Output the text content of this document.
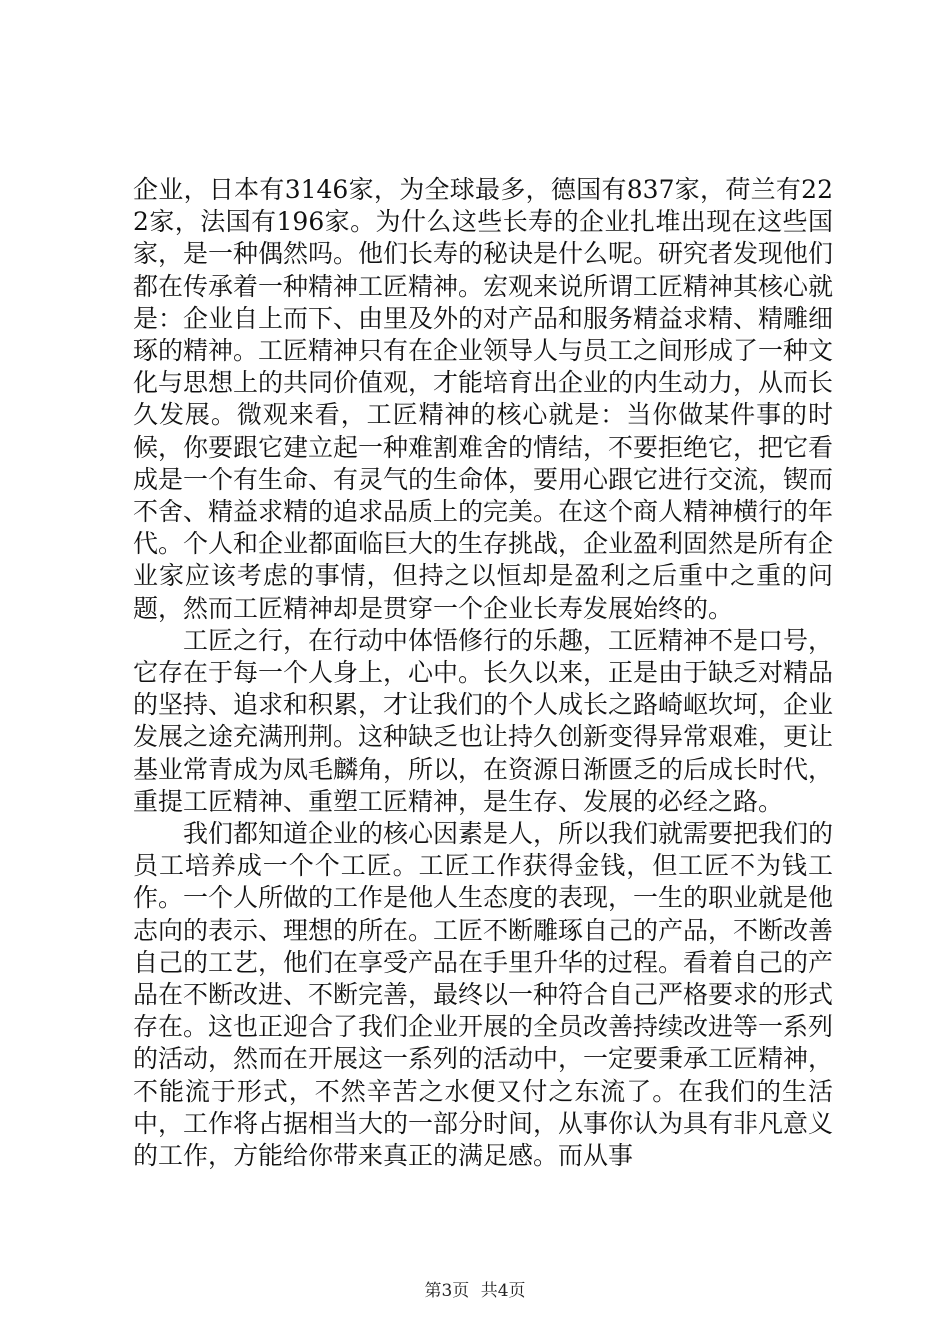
企业，日本有3146家，为全球最多，德国有837家，荷兰有222家，法国有196家。为什么这些长寿的企业扎堆出现在这些国家，是一种偶然吗。他们长寿的秘诀是什么呢。研究者发现他们都在传承着一种精神工匠精神。宏观来说所谓工匠精神其核心就是：企业自上而下、由里及外的对产品和服务精益求精、精雕细琢的精神。工匠精神只有在企业领导人与员工之间形成了一种文化与思想上的共同价值观，才能培育出企业的内生动力，从而长久发展。微观来看，工匠精神的核心就是：当你做某件事的时候，你要跟它建立起一种难割难舍的情结，不要拒绝它，把它看成是一个有生命、有灵气的生命体，要用心跟它进行交流，锲而不舍、精益求精的追求品质上的完美。在这个商人精神横行的年代。个人和企业都面临巨大的生存挑战，企业盈利固然是所有企业家应该考虑的事情，但持之以恒却是盈利之后重中之重的问题，然而工匠精神却是贯穿一个企业长寿发展始终的。

工匠之行，在行动中体悟修行的乐趣，工匠精神不是口号，它存在于每一个人身上，心中。长久以来，正是由于缺乏对精品的坚持、追求和积累，才让我们的个人成长之路崎岖坎坷，企业发展之途充满刑荆。这种缺乏也让持久创新变得异常艰难，更让基业常青成为凤毛麟角，所以，在资源日渐匮乏的后成长时代，重提工匠精神、重塑工匠精神，是生存、发展的必经之路。

我们都知道企业的核心因素是人，所以我们就需要把我们的员工培养成一个个工匠。工匠工作获得金钱，但工匠不为钱工作。一个人所做的工作是他人生态度的表现，一生的职业就是他志向的表示、理想的所在。工匠不断雕琢自己的产品，不断改善自己的工艺，他们在享受产品在手里升华的过程。看着自己的产品在不断改进、不断完善，最终以一种符合自己严格要求的形式存在。这也正迎合了我们企业开展的全员改善持续改进等一系列的活动，然而在开展这一系列的活动中，一定要秉承工匠精神，不能流于形式，不然辛苦之水便又付之东流了。在我们的生活中，工作将占据相当大的一部分时间，从事你认为具有非凡意义的工作，方能给你带来真正的满足感。而从事

第3页 共4页
